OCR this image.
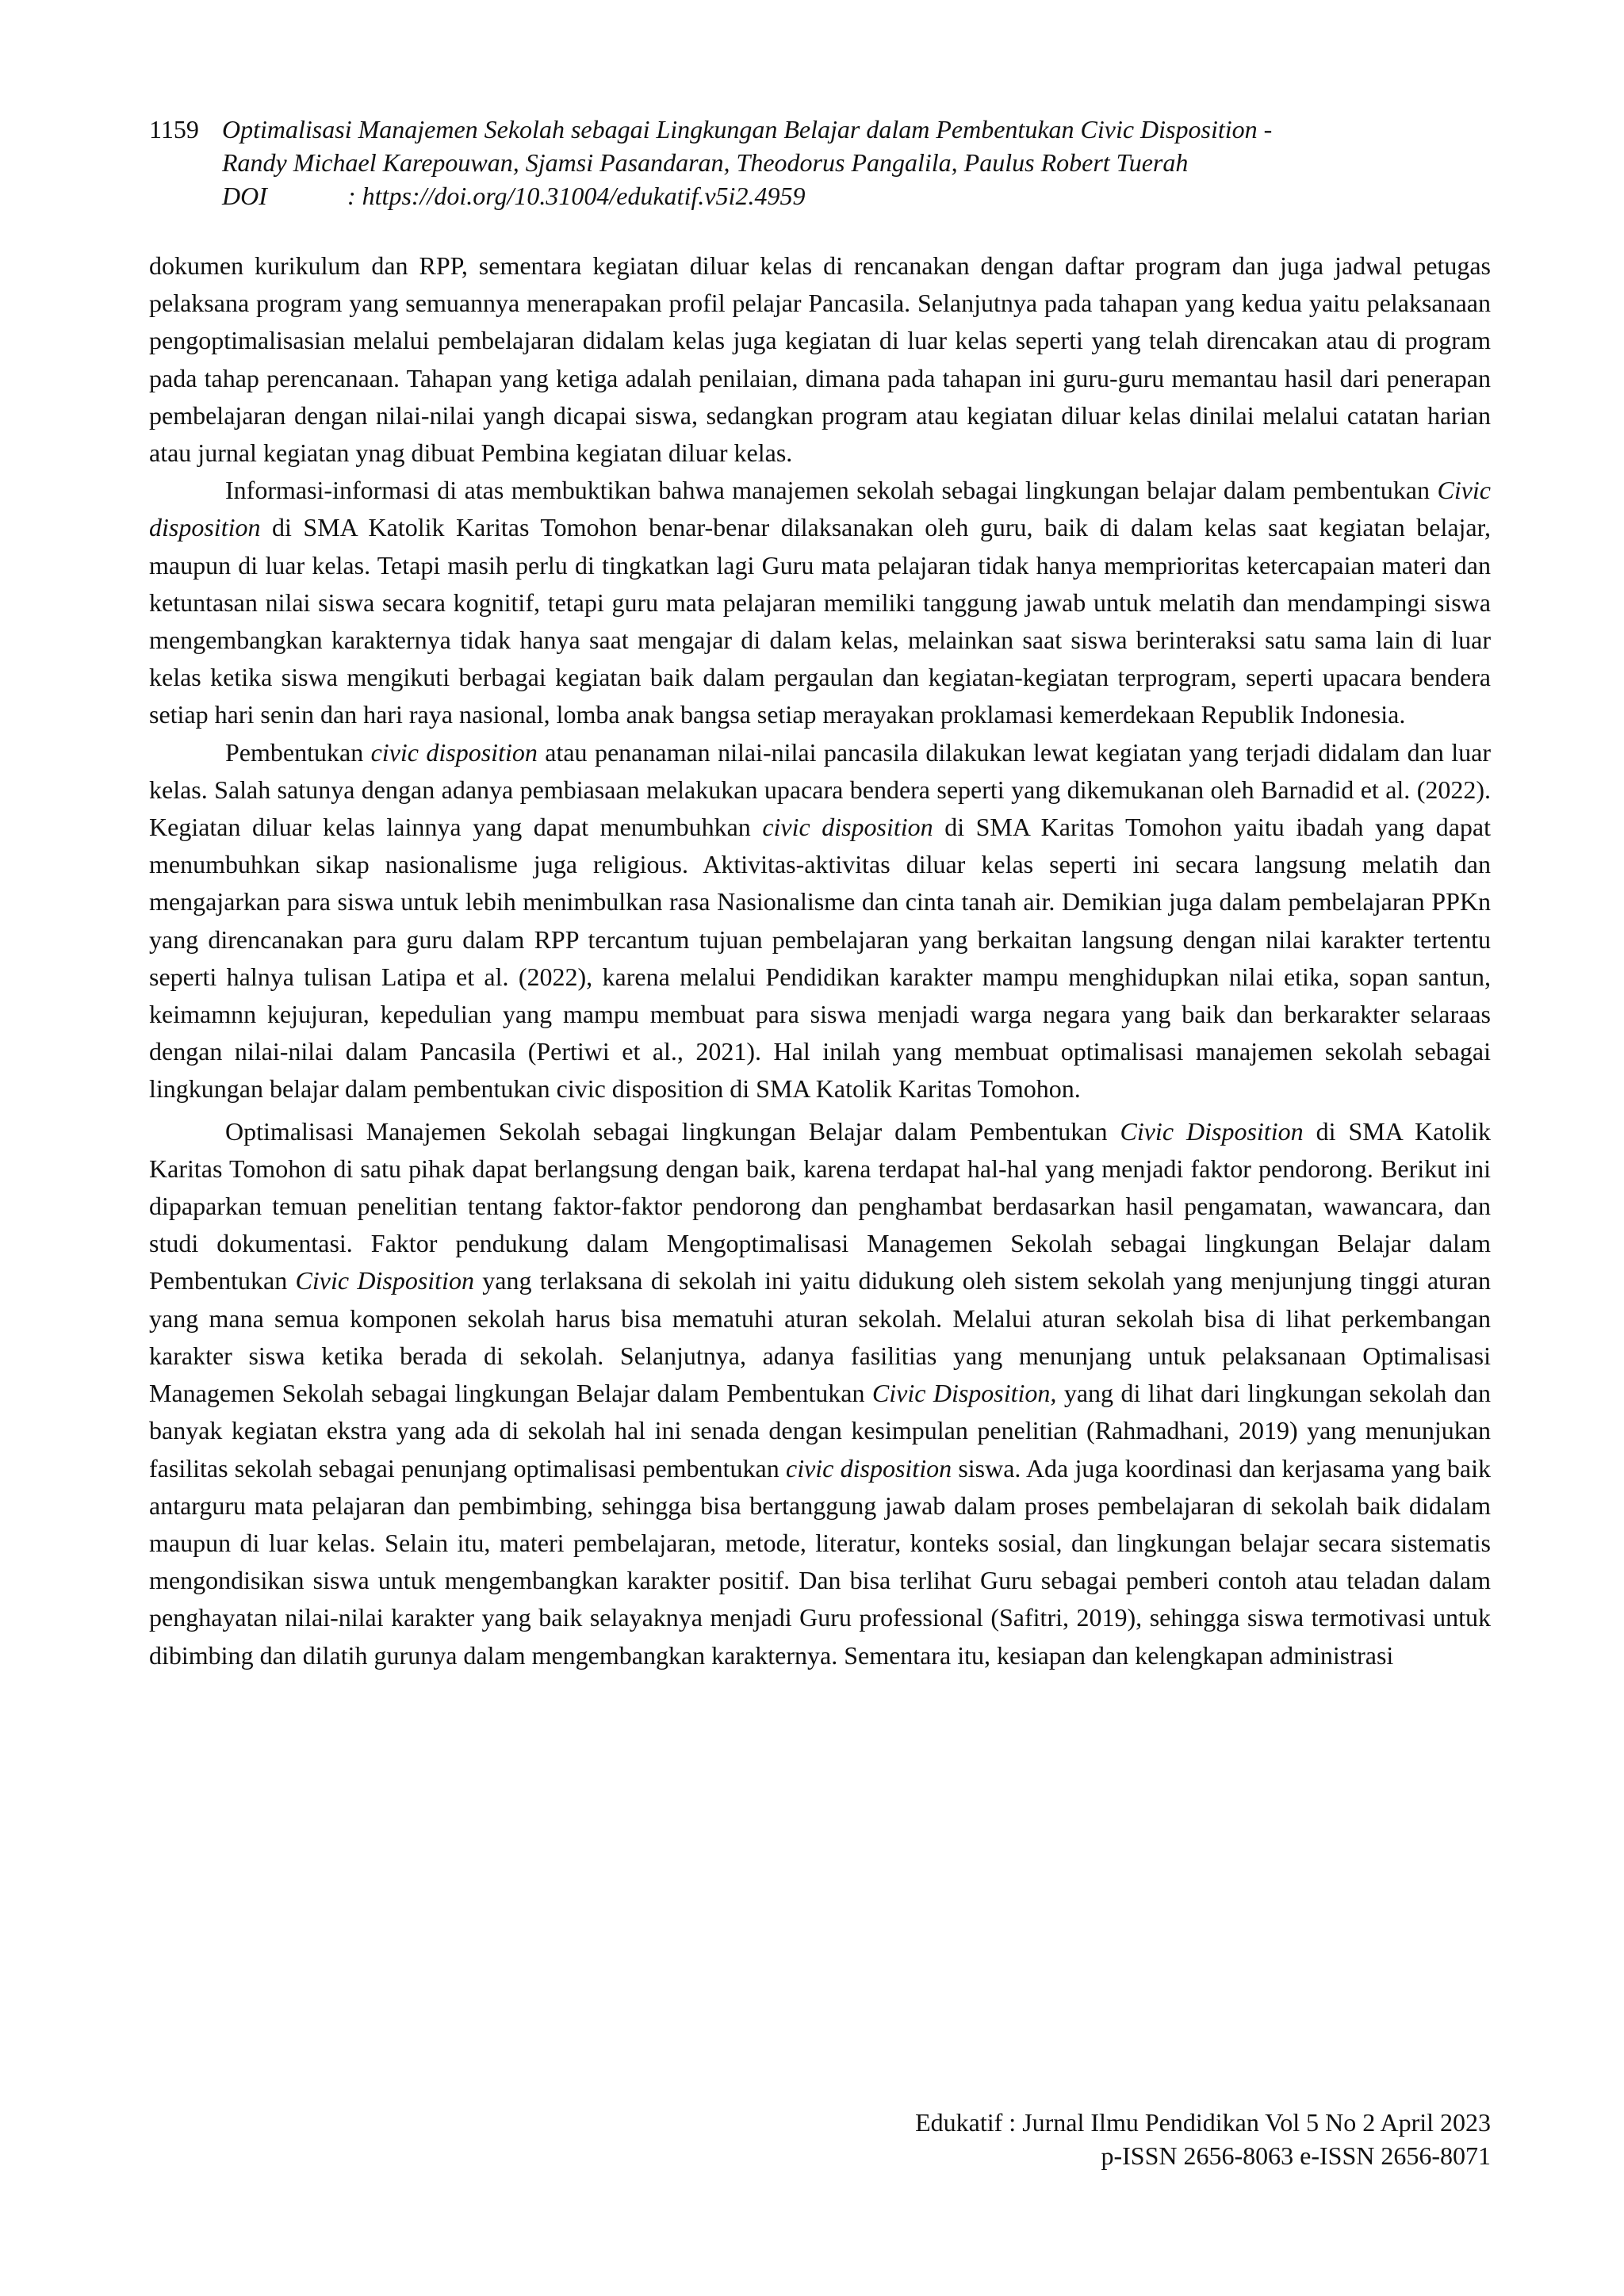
1159 Optimalisasi Manajemen Sekolah sebagai Lingkungan Belajar dalam Pembentukan Civic Disposition -
Randy Michael Karepouwan, Sjamsi Pasandaran, Theodorus Pangalila, Paulus Robert Tuerah
DOI	: https://doi.org/10.31004/edukatif.v5i2.4959

dokumen kurikulum dan RPP, sementara kegiatan diluar kelas di rencanakan dengan daftar program dan juga jadwal petugas pelaksana program yang semuannya menerapakan profil pelajar Pancasila. Selanjutnya pada tahapan yang kedua yaitu pelaksanaan pengoptimalisasian melalui pembelajaran didalam kelas juga kegiatan di luar kelas seperti yang telah direncakan atau di program pada tahap perencanaan. Tahapan yang ketiga adalah penilaian, dimana pada tahapan ini guru-guru memantau hasil dari penerapan pembelajaran dengan nilai-nilai yangh dicapai siswa, sedangkan program atau kegiatan diluar kelas dinilai melalui catatan harian atau jurnal kegiatan ynag dibuat Pembina kegiatan diluar kelas.

Informasi-informasi di atas membuktikan bahwa manajemen sekolah sebagai lingkungan belajar dalam pembentukan Civic disposition di SMA Katolik Karitas Tomohon benar-benar dilaksanakan oleh guru, baik di dalam kelas saat kegiatan belajar, maupun di luar kelas. Tetapi masih perlu di tingkatkan lagi Guru mata pelajaran tidak hanya memprioritas ketercapaian materi dan ketuntasan nilai siswa secara kognitif, tetapi guru mata pelajaran memiliki tanggung jawab untuk melatih dan mendampingi siswa mengembangkan karakternya tidak hanya saat mengajar di dalam kelas, melainkan saat siswa berinteraksi satu sama lain di luar kelas ketika siswa mengikuti berbagai kegiatan baik dalam pergaulan dan kegiatan-kegiatan terprogram, seperti upacara bendera setiap hari senin dan hari raya nasional, lomba anak bangsa setiap merayakan proklamasi kemerdekaan Republik Indonesia.

Pembentukan civic disposition atau penanaman nilai-nilai pancasila dilakukan lewat kegiatan yang terjadi didalam dan luar kelas. Salah satunya dengan adanya pembiasaan melakukan upacara bendera seperti yang dikemukanan oleh Barnadid et al. (2022). Kegiatan diluar kelas lainnya yang dapat menumbuhkan civic disposition di SMA Karitas Tomohon yaitu ibadah yang dapat menumbuhkan sikap nasionalisme juga religious. Aktivitas-aktivitas diluar kelas seperti ini secara langsung melatih dan mengajarkan para siswa untuk lebih menimbulkan rasa Nasionalisme dan cinta tanah air. Demikian juga dalam pembelajaran PPKn yang direncanakan para guru dalam RPP tercantum tujuan pembelajaran yang berkaitan langsung dengan nilai karakter tertentu seperti halnya tulisan Latipa et al. (2022), karena melalui Pendidikan karakter mampu menghidupkan nilai etika, sopan santun, keimamnn kejujuran, kepedulian yang mampu membuat para siswa menjadi warga negara yang baik dan berkarakter selaraas dengan nilai-nilai dalam Pancasila (Pertiwi et al., 2021). Hal inilah yang membuat optimalisasi manajemen sekolah sebagai lingkungan belajar dalam pembentukan civic disposition di SMA Katolik Karitas Tomohon.

Optimalisasi Manajemen Sekolah sebagai lingkungan Belajar dalam Pembentukan Civic Disposition di SMA Katolik Karitas Tomohon di satu pihak dapat berlangsung dengan baik, karena terdapat hal-hal yang menjadi faktor pendorong. Berikut ini dipaparkan temuan penelitian tentang faktor-faktor pendorong dan penghambat berdasarkan hasil pengamatan, wawancara, dan studi dokumentasi. Faktor pendukung dalam Mengoptimalisasi Managemen Sekolah sebagai lingkungan Belajar dalam Pembentukan Civic Disposition yang terlaksana di sekolah ini yaitu didukung oleh sistem sekolah yang menjunjung tinggi aturan yang mana semua komponen sekolah harus bisa mematuhi aturan sekolah. Melalui aturan sekolah bisa di lihat perkembangan karakter siswa ketika berada di sekolah. Selanjutnya, adanya fasilitias yang menunjang untuk pelaksanaan Optimalisasi Managemen Sekolah sebagai lingkungan Belajar dalam Pembentukan Civic Disposition, yang di lihat dari lingkungan sekolah dan banyak kegiatan ekstra yang ada di sekolah hal ini senada dengan kesimpulan penelitian (Rahmadhani, 2019) yang menunjukan fasilitas sekolah sebagai penunjang optimalisasi pembentukan civic disposition siswa. Ada juga koordinasi dan kerjasama yang baik antarguru mata pelajaran dan pembimbing, sehingga bisa bertanggung jawab dalam proses pembelajaran di sekolah baik didalam maupun di luar kelas. Selain itu, materi pembelajaran, metode, literatur, konteks sosial, dan lingkungan belajar secara sistematis mengondisikan siswa untuk mengembangkan karakter positif. Dan bisa terlihat Guru sebagai pemberi contoh atau teladan dalam penghayatan nilai-nilai karakter yang baik selayaknya menjadi Guru professional (Safitri, 2019), sehingga siswa termotivasi untuk dibimbing dan dilatih gurunya dalam mengembangkan karakternya. Sementara itu, kesiapan dan kelengkapan administrasi

Edukatif : Jurnal Ilmu Pendidikan Vol 5 No 2 April 2023
p-ISSN 2656-8063 e-ISSN 2656-8071
